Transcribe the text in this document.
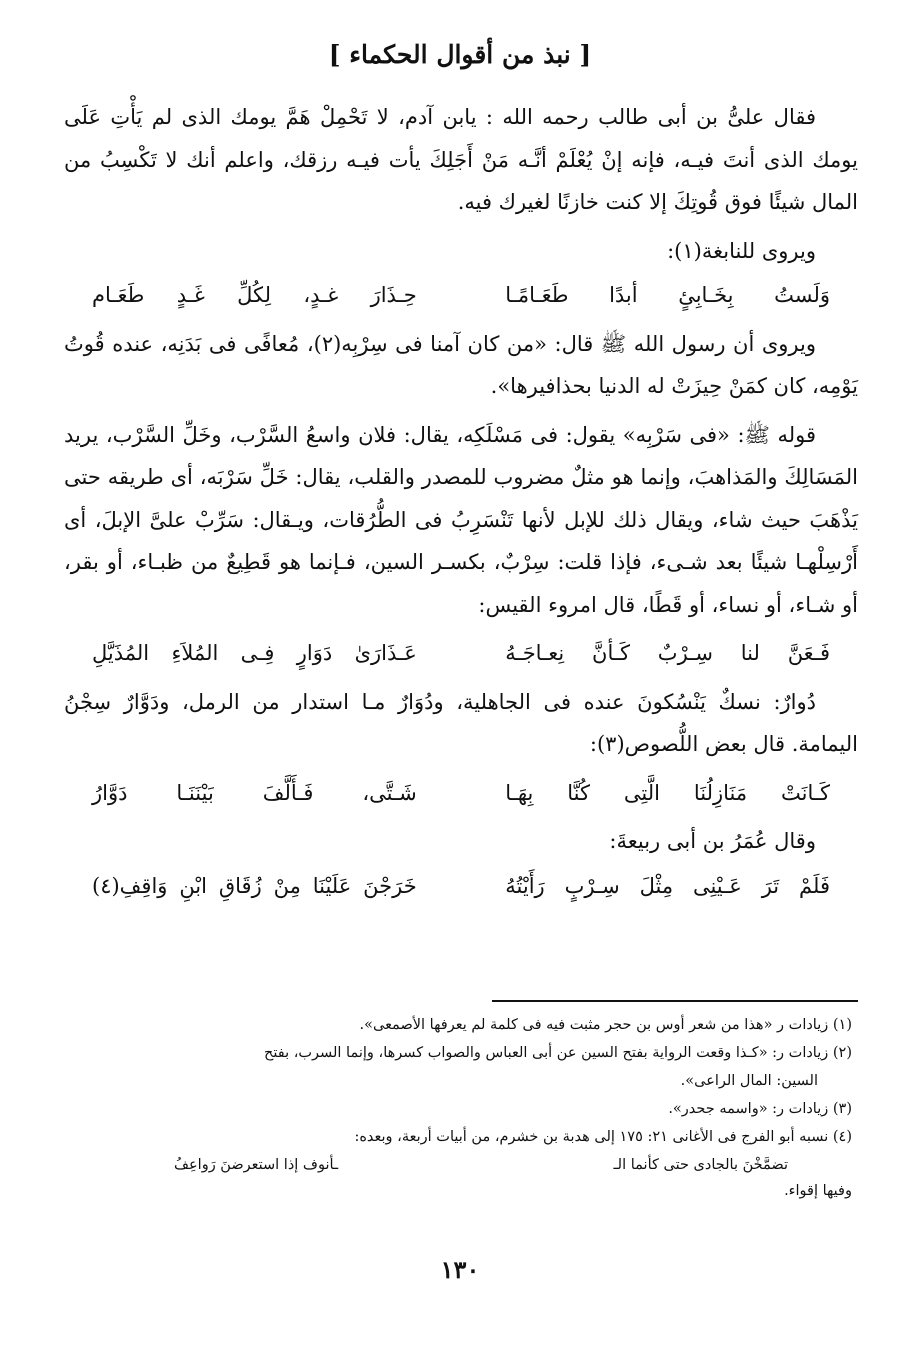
[ نبذ من أقوال الحكماء ]

فقال علىُّ بن أبى طالب رحمه الله : يابن آدم، لا تَحْمِلْ هَمَّ يومك الذى لم يَأْتِ عَلَى يومك الذى أنتَ فيـه، فإنه إنْ يُعْلَمْ أنَّـه مَنْ أَجَلِكَ يأت فيـه رزقك، واعلم أنك لا تَكْسِبُ من المال شيئًا فوق قُوتِكَ إلا كنت خازنًا لغيرك فيه.

ويروى للنابغة(١):

وَلَستُ بِخَـابِئٍ أبدًا طَعَـامًـا
حِـذَارَ غـدٍ، لِكُلِّ غَـدٍ طَعَـام

ويروى أن رسول الله ﷺ قال: «من كان آمنا فى سِرْبِه(٢)، مُعافًى فى بَدَنِه، عنده قُوتُ يَوْمِه، كان كمَنْ حِيزَتْ له الدنيا بحذافيرها».

قوله ﷺ: «فى سَرْبِه» يقول: فى مَسْلَكِه، يقال: فلان واسعُ السَّرْب، وخَلِّ السَّرْب، يريد المَسَالِكَ والمَذاهبَ، وإنما هو مثلٌ مضروب للمصدر والقلب، يقال: خَلِّ سَرْبَه، أى طريقه حتى يَذْهَبَ حيث شاء، ويقال ذلك للإبل لأنها تَنْسَرِبُ فى الطُّرُقات، ويـقال: سَرِّبْ علىَّ الإبلَ، أى أَرْسِلْهـا شيئًا بعد شـىء، فإذا قلت: سِرْبٌ، بكسـر السين، فـإنما هو قَطِيعٌ من ظبـاء، أو بقر، أو شـاء، أو نساء، أو قَطًا، قال امروء القيس:

فَـعَنَّ لنا سِـرْبٌ كَـأنَّ نِعـاجَـهُ
عَـذَارَىٰ دَوَارٍ فِـى المُلاَءِ المُذَيَّلِ

دُوارٌ: نسكٌ يَنْسُكونَ عنده فى الجاهلية، ودُوَارٌ مـا استدار من الرمل، ودَوَّارٌ سِجْنُ اليمامة. قال بعض اللُّصوص(٣):

كَـانَتْ مَنَازِلُنَا الَّتِى كُنَّا بِهَـا
شَـتَّى، فَـأَلَّفَ بَيْنَنَـا دَوَّارُ

وقال عُمَرُ بن أبى ربيعةَ:

فَلَمْ تَرَ عَـيْنِى مِثْلَ سِـرْبٍ رَأَيْتُهُ
خَرَجْنَ عَلَيْنَا مِنْ زُقَاقِ ابْنِ وَاقِفِ(٤)

(١) زيادات ر «هذا من شعر أوس بن حجر مثبت فيه فى كلمة لم يعرفها الأصمعى».

(٢) زيادات ر: «كـذا وقعت الرواية بفتح السين عن أبى العباس والصواب كسرها، وإنما السرب، بفتح

السين: المال الراعى».

(٣) زيادات ر: «واسمه جحدر».

(٤) نسبه أبو الفرج فى الأغانى ٢١: ١٧٥ إلى هدبة بن خشرم، من أبيات أربعة، وبعده:

تضمَّخْنَ بالجادى حتى كأنما الـ
ـأنوف إذا استعرضنَ رَواعِفُ

وفيها إقواء.

١٣٠
